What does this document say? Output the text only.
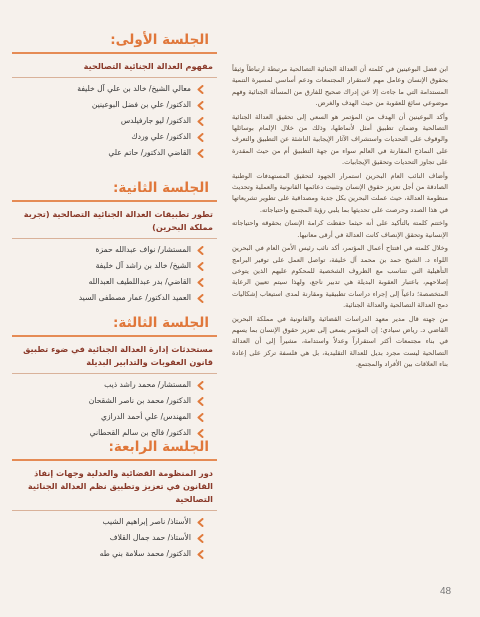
الجلسة الأولى:
مفهوم العدالة الجنائية التصالحية
معالي الشيخ/ خالد بن علي آل خليفة
الدكتور/ علي بن فضل البوعينين
الدكتور/ ليو جارفيلدس
الدكتور/ علي وردك
القاضي الدكتور/ حاتم علي
الجلسة الثانية:
تطور تطبيقات العدالة الجنائية التصالحية (تجربة مملكة البحرين)
المستشار/ نواف عبدالله حمزة
الشيخ/ خالد بن راشد آل خليفة
القاضي/ بدر عبداللطيف العبدالله
العميد الدكتور/ عمار مصطفى السيد
الجلسة الثالثة:
مستحدثات إدارة العدالة الجنائية في ضوء تطبيق قانون العقوبات والتدابير البديلة
المستشار/ محمد راشد ذيب
الدكتور/ محمد بن ناصر الشقحان
المهندس/ علي أحمد الدرازي
الدكتور/ فالح بن سالم القحطاني
الجلسة الرابعة:
دور المنظومة القضائية والعدلية وجهات إنفاذ القانون في تعزيز وتطبيق نظم العدالة الجنائية التصالحية
الأستاذ/ ناصر إبراهيم الشيب
الأستاذ/ حمد جمال القلاف
الدكتور/ محمد سلامة بني طه

ابن فضل البوعينين في كلمته أن العدالة الجنائية التصالحية مرتبطة ارتباطاً وثيقاً بحقوق الإنسان وعامل مهم لاستقرار المجتمعات ودعم أساسي لمسيرة التنمية المستدامة التي ما جاءت إلا عن إدراك صحيح للفارق من المسألة الجنائية وفهم موضوعي سائغ للعقوبة من حيث الهدف والغرض.

وأكد البوعينين أن الهدف من المؤتمر هو السعي إلى تحقيق العدالة الجنائية التصالحية وضمان تطبيق أمثل لأنماطها، وذلك من خلال الإلمام بوسائلها والوقوف على التحديات واستشراف الآثار الإيجابية الناشئة عن التطبيق والتعرف على النماذج المقارنة في العالم سواء من جهة التطبيق أم من حيث المقدرة على تجاوز التحديات وتحقيق الإيجابيات.

وأضاف النائب العام البحرين استمرار الجهود لتحقيق المستهدفات الوطنية الصادقة من أجل تعزيز حقوق الإنسان وتثبيت دعائمها القانونية والعملية وتحديث منظومة العدالة، حيث عملت البحرين بكل جدية ومصداقية على تطوير تشريعاتها في هذا الصدد وحرصت على تحديثها بما يلبي رؤية المجتمع واحتياجاته.

واختتم كلمته بالتأكيد على أنه حيثما حفظت كرامة الإنسان بحقوقه واحتياجاته الإنسانية وتحقق الإنصاف كانت العدالة في أرقى معانيها.

وخلال كلمته في افتتاح أعمال المؤتمر، أكد نائب رئيس الأمن العام في البحرين اللواء د. الشيخ حمد بن محمد آل خليفة، تواصل العمل على توفير البرامج التأهيلية التي تتناسب مع الظروف الشخصية للمحكوم عليهم الذين يتوخى إصلاحهم، باعتبار العقوبة البديلة هي تدبير ناجع، ولهذا سيتم تعيين الرعاية المتخصصة؛ داعياً إلى إجراء دراسات تطبيقية ومقارنة لمدى استيعاب إشكاليات دمج العدالة التصالحية والعدالة الجنائية.

من جهته قال مدير معهد الدراسات القضائية والقانونية في مملكة البحرين القاضي د. رياض سيادي: إن المؤتمر يسعى إلى تعزيز حقوق الإنسان بما يسهم في بناء مجتمعات أكثر استقراراً وعدلاً واستدامة، مشيراً إلى أن العدالة التصالحية ليست مجرد بديل للعدالة التقليدية، بل هي فلسفة تركز على إعادة بناء العلاقات بين الأفراد والمجتمع.

48
